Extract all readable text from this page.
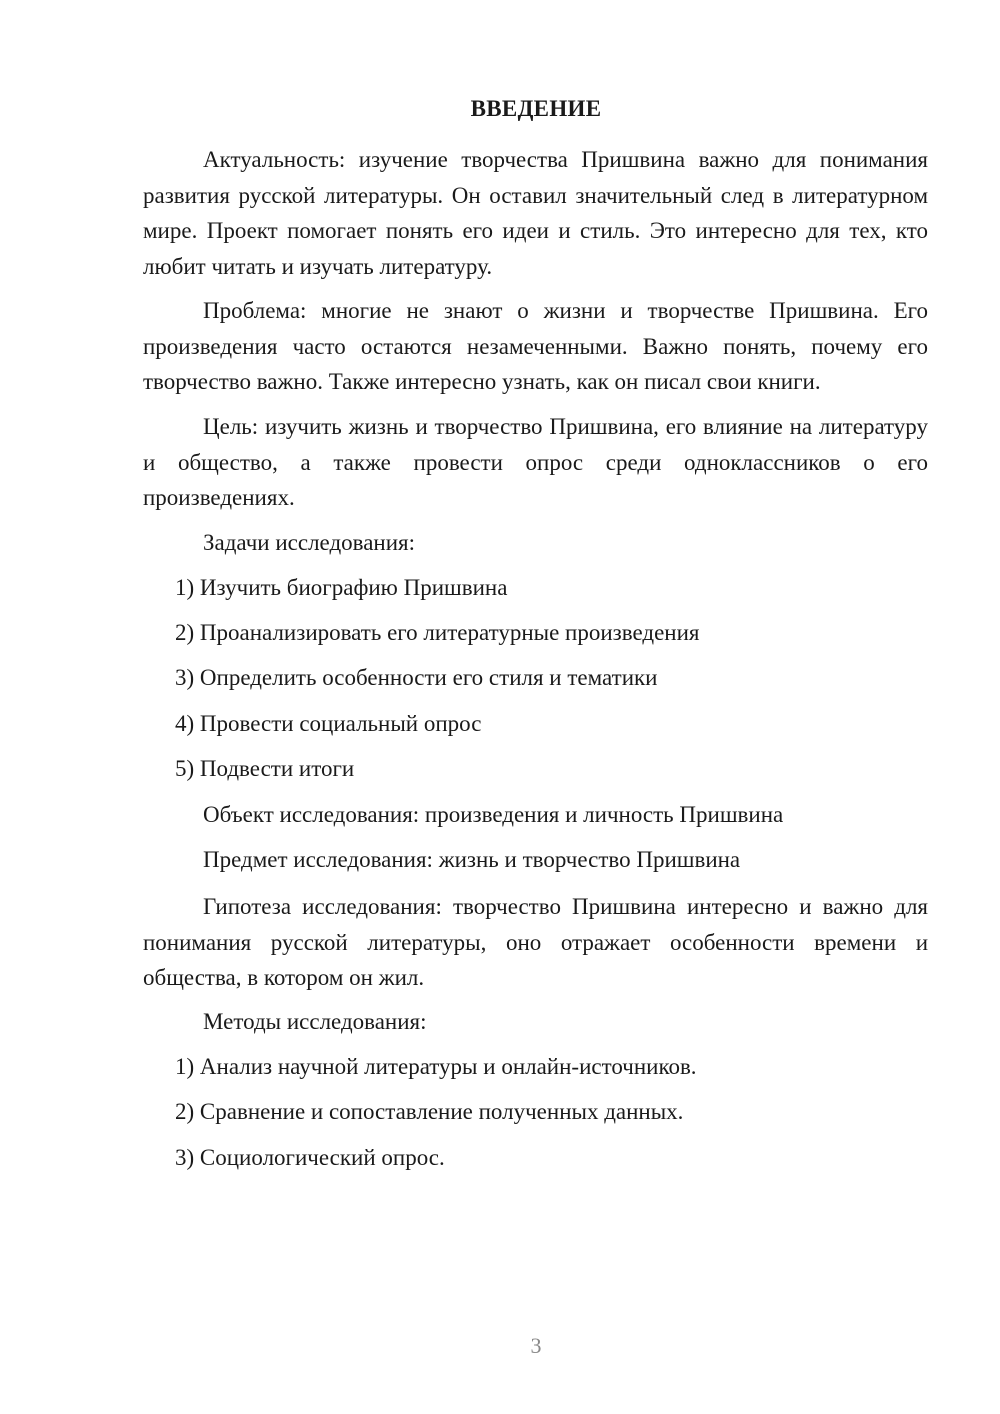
ВВЕДЕНИЕ

Актуальность: изучение творчества Пришвина важно для понимания развития русской литературы. Он оставил значительный след в литературном мире. Проект помогает понять его идеи и стиль. Это интересно для тех, кто любит читать и изучать литературу.

Проблема: многие не знают о жизни и творчестве Пришвина. Его произведения часто остаются незамеченными. Важно понять, почему его творчество важно. Также интересно узнать, как он писал свои книги.

Цель: изучить жизнь и творчество Пришвина, его влияние на литературу и общество, а также провести опрос среди одноклассников о его произведениях.

Задачи исследования:

1) Изучить биографию Пришвина

2) Проанализировать его литературные произведения

3) Определить особенности его стиля и тематики

4) Провести социальный опрос

5) Подвести итоги

Объект исследования: произведения и личность Пришвина

Предмет исследования: жизнь и творчество Пришвина

Гипотеза исследования: творчество Пришвина интересно и важно для понимания русской литературы, оно отражает особенности времени и общества, в котором он жил.

Методы исследования:

1) Анализ научной литературы и онлайн-источников.

2) Сравнение и сопоставление полученных данных.

3) Социологический опрос.

3
